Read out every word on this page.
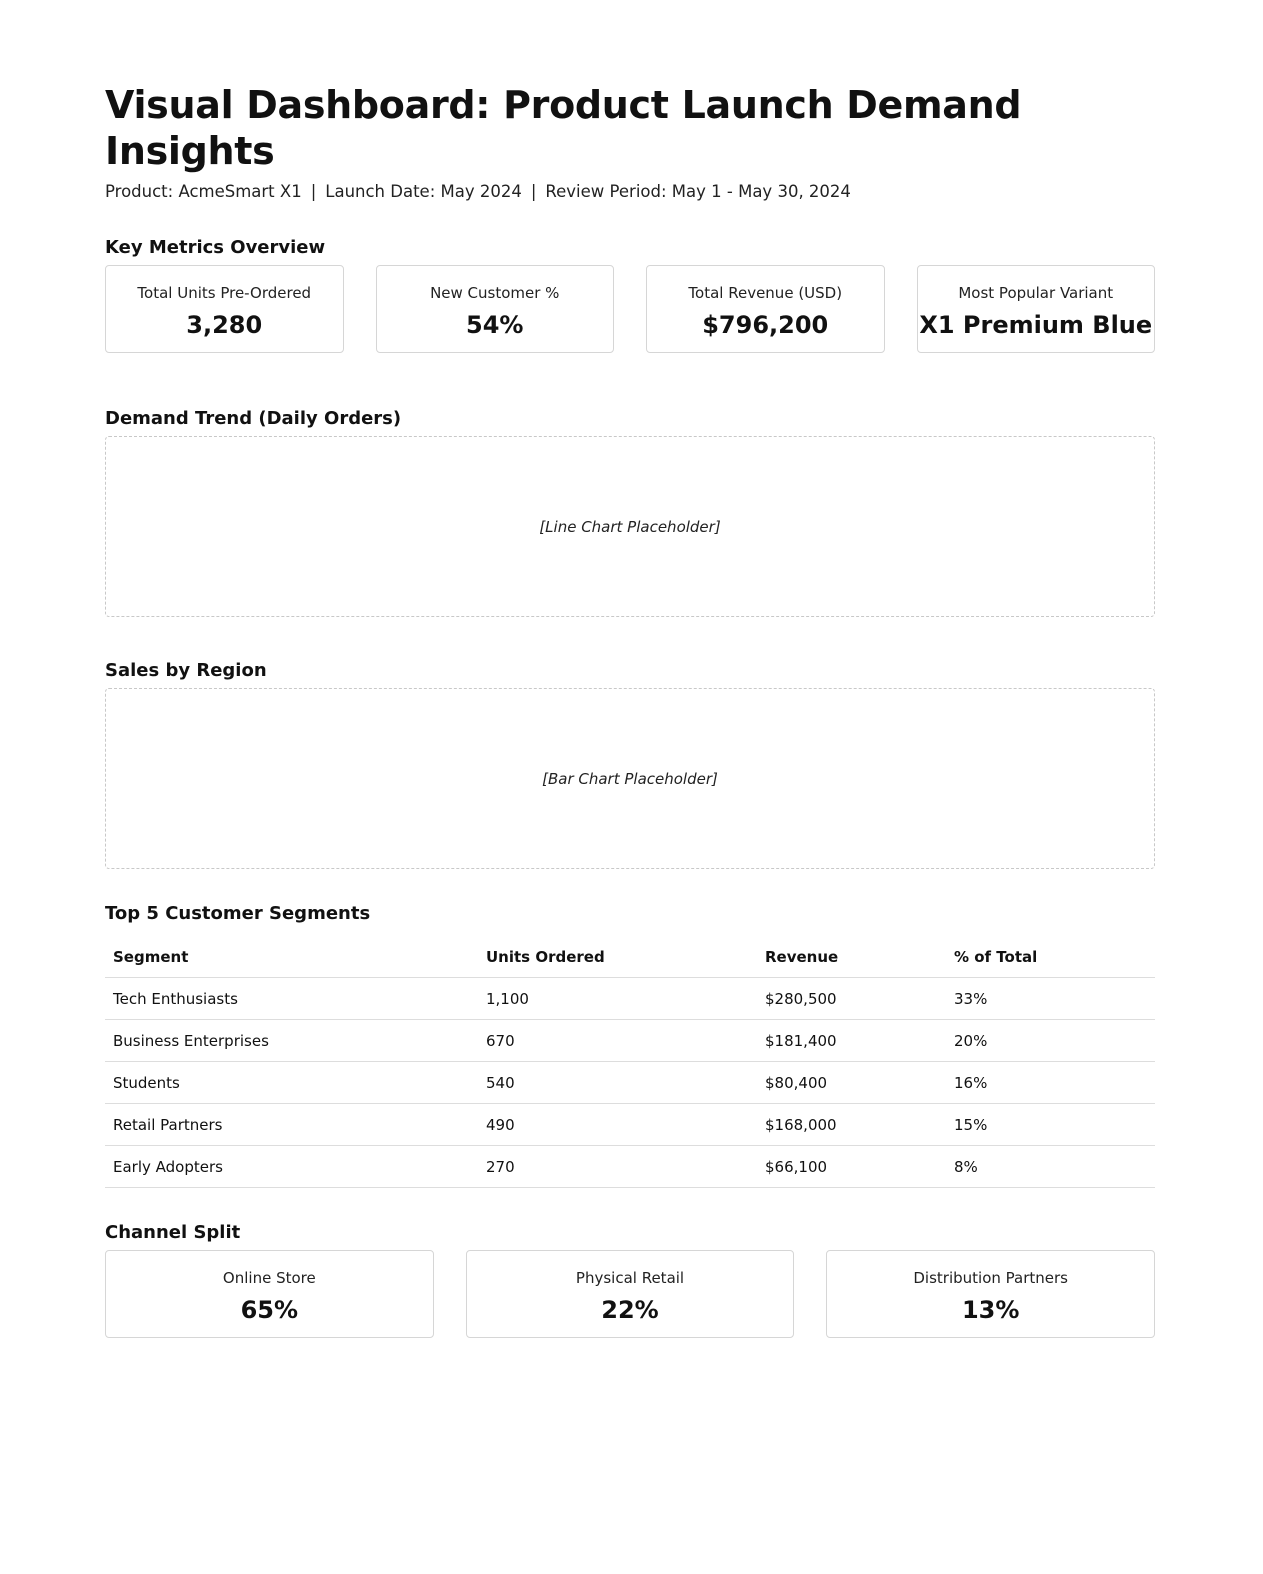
Visual Dashboard: Product Launch Demand Insights
Product: AcmeSmart X1 | Launch Date: May 2024 | Review Period: May 1 - May 30, 2024
Key Metrics Overview
Total Units Pre-Ordered
3,280
New Customer %
54%
Total Revenue (USD)
$796,200
Most Popular Variant
X1 Premium Blue
Demand Trend (Daily Orders)
[Line Chart Placeholder]
Sales by Region
[Bar Chart Placeholder]
Top 5 Customer Segments
Segment	Units Ordered	Revenue	% of Total
Tech Enthusiasts	1,100	$280,500	33%
Business Enterprises	670	$181,400	20%
Students	540	$80,400	16%
Retail Partners	490	$168,000	15%
Early Adopters	270	$66,100	8%
Channel Split
Online Store
65%
Physical Retail
22%
Distribution Partners
13%
